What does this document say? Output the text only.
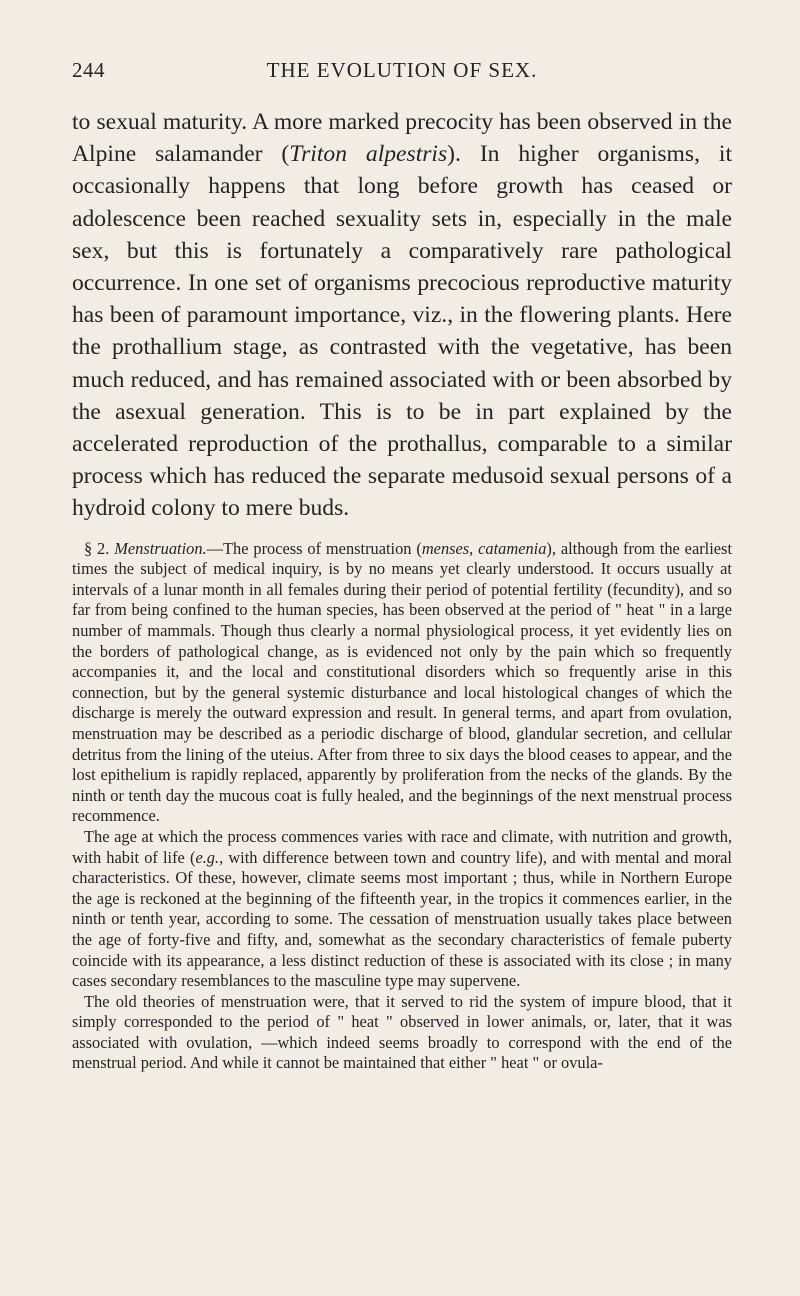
244	THE EVOLUTION OF SEX.

to sexual maturity. A more marked precocity has been observed in the Alpine salamander (Triton alpestris). In higher organisms, it occasionally happens that long before growth has ceased or adolescence been reached sexuality sets in, especially in the male sex, but this is fortunately a comparatively rare pathological occurrence. In one set of organisms precocious reproductive maturity has been of paramount importance, viz., in the flowering plants. Here the prothallium stage, as contrasted with the vegetative, has been much reduced, and has remained associated with or been absorbed by the asexual generation. This is to be in part explained by the accelerated reproduction of the prothallus, comparable to a similar process which has reduced the separate medusoid sexual persons of a hydroid colony to mere buds.

§ 2. Menstruation.—The process of menstruation (menses, catamenia), although from the earliest times the subject of medical inquiry, is by no means yet clearly understood. It occurs usually at intervals of a lunar month in all females during their period of potential fertility (fecundity), and so far from being confined to the human species, has been observed at the period of " heat " in a large number of mammals. Though thus clearly a normal physiological process, it yet evidently lies on the borders of pathological change, as is evidenced not only by the pain which so frequently accompanies it, and the local and constitutional disorders which so frequently arise in this connection, but by the general systemic disturbance and local histological changes of which the discharge is merely the outward expression and result. In general terms, and apart from ovulation, menstruation may be described as a periodic discharge of blood, glandular secretion, and cellular detritus from the lining of the uteius. After from three to six days the blood ceases to appear, and the lost epithelium is rapidly replaced, apparently by proliferation from the necks of the glands. By the ninth or tenth day the mucous coat is fully healed, and the beginnings of the next menstrual process recommence.

The age at which the process commences varies with race and climate, with nutrition and growth, with habit of life (e.g., with difference between town and country life), and with mental and moral characteristics. Of these, however, climate seems most important ; thus, while in Northern Europe the age is reckoned at the beginning of the fifteenth year, in the tropics it commences earlier, in the ninth or tenth year, according to some. The cessation of menstruation usually takes place between the age of forty-five and fifty, and, somewhat as the secondary characteristics of female puberty coincide with its appearance, a less distinct reduction of these is associated with its close ; in many cases secondary resemblances to the masculine type may supervene.

The old theories of menstruation were, that it served to rid the system of impure blood, that it simply corresponded to the period of " heat " observed in lower animals, or, later, that it was associated with ovulation, —which indeed seems broadly to correspond with the end of the menstrual period. And while it cannot be maintained that either " heat " or ovula-
